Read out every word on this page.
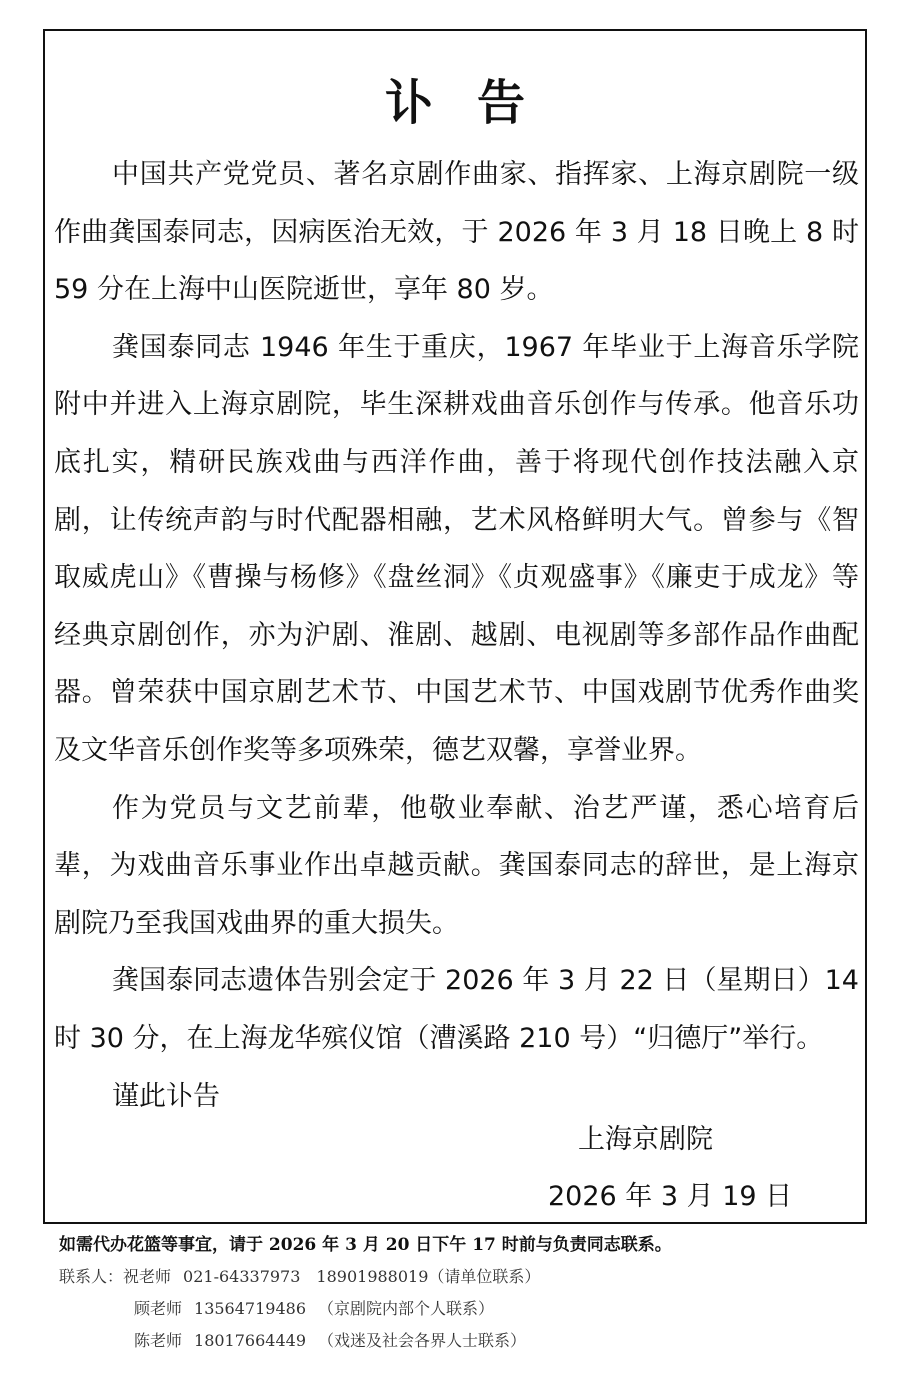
讣告

中国共产党党员、著名京剧作曲家、指挥家、上海京剧院一级作曲龚国泰同志，因病医治无效，于 2026 年 3 月 18 日晚上 8 时 59 分在上海中山医院逝世，享年 80 岁。

龚国泰同志 1946 年生于重庆，1967 年毕业于上海音乐学院附中并进入上海京剧院，毕生深耕戏曲音乐创作与传承。他音乐功底扎实，精研民族戏曲与西洋作曲，善于将现代创作技法融入京剧，让传统声韵与时代配器相融，艺术风格鲜明大气。曾参与《智取威虎山》《曹操与杨修》《盘丝洞》《贞观盛事》《廉吏于成龙》等经典京剧创作，亦为沪剧、淮剧、越剧、电视剧等多部作品作曲配器。曾荣获中国京剧艺术节、中国艺术节、中国戏剧节优秀作曲奖及文华音乐创作奖等多项殊荣，德艺双馨，享誉业界。

作为党员与文艺前辈，他敬业奉献、治艺严谨，悉心培育后辈，为戏曲音乐事业作出卓越贡献。龚国泰同志的辞世，是上海京剧院乃至我国戏曲界的重大损失。

龚国泰同志遗体告别会定于 2026 年 3 月 22 日（星期日）14 时 30 分，在上海龙华殡仪馆（漕溪路 210 号）“归德厅”举行。

谨此讣告

上海京剧院
2026 年 3 月 19 日
如需代办花篮等事宜，请于 2026 年 3 月 20 日下午 17 时前与负责同志联系。
联系人：祝老师 021-64337973　18901988019（请单位联系）
顾老师 13564719486 （京剧院内部个人联系）
陈老师 18017664449 （戏迷及社会各界人士联系）
